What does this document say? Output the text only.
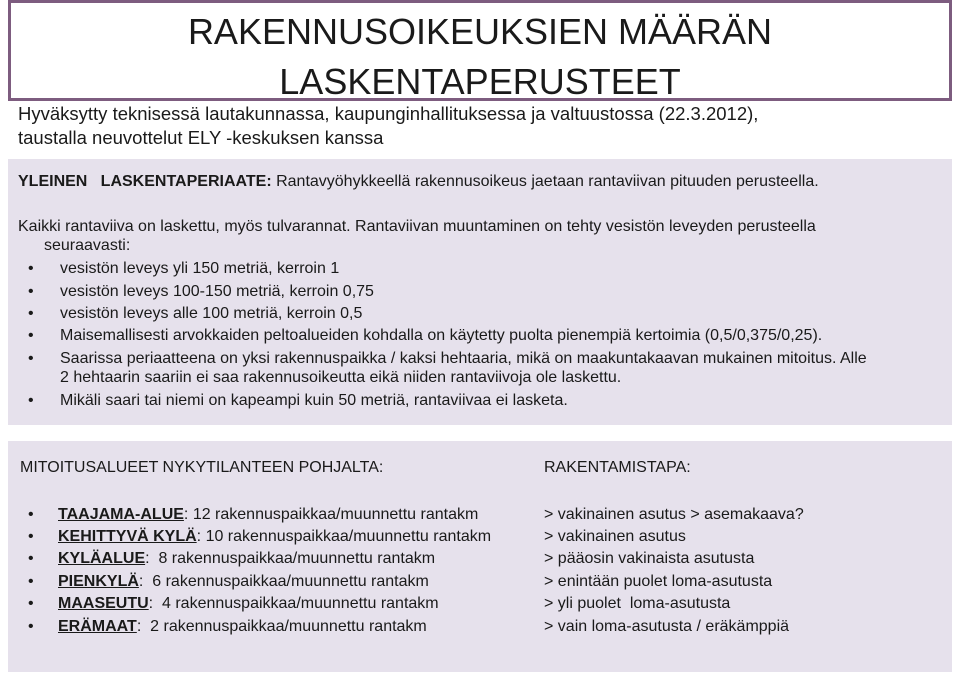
RAKENNUSOIKEUKSIEN MÄÄRÄN
LASKENTAPERUSTEET
Hyväksytty teknisessä lautakunnassa, kaupunginhallituksessa ja valtuustossa (22.3.2012),
taustalla neuvottelut ELY -keskuksen kanssa
YLEINEN   LASKENTAPERIAATE: Rantavyöhykkeellä rakennusoikeus jaetaan rantaviivan pituuden perusteella.
Kaikki rantaviiva on laskettu, myös tulvarannat. Rantaviivan muuntaminen on tehty vesistön leveyden perusteella
seuraavasti:
• vesistön leveys yli 150 metriä, kerroin 1
• vesistön leveys 100-150 metriä, kerroin 0,75
• vesistön leveys alle 100 metriä, kerroin 0,5
• Maisemallisesti arvokkaiden peltoalueiden kohdalla on käytetty puolta pienempiä kertoimia (0,5/0,375/0,25).
• Saarissa periaatteena on yksi rakennuspaikka / kaksi hehtaaria, mikä on maakuntakaavan mukainen mitoitus. Alle
2 hehtaarin saariin ei saa rakennusoikeutta eikä niiden rantaviivoja ole laskettu.
• Mikäli saari tai niemi on kapeampi kuin 50 metriä, rantaviivaa ei lasketa.
MITOITUSALUEET NYKYTILANTEEN POHJALTA:	RAKENTAMISTAPA:
• TAAJAMA-ALUE: 12 rakennuspaikkaa/muunnettu rantakm	> vakinainen asutus > asemakaava?
• KEHITTYVÄ KYLÄ: 10 rakennuspaikkaa/muunnettu rantakm	> vakinainen asutus
• KYLÄALUE:  8 rakennuspaikkaa/muunnettu rantakm	> pääosin vakinaista asutusta
• PIENKYLÄ:  6 rakennuspaikkaa/muunnettu rantakm	> enintään puolet loma-asutusta
• MAASEUTU:  4 rakennuspaikkaa/muunnettu rantakm	> yli puolet  loma-asutusta
• ERÄMAAT:  2 rakennuspaikkaa/muunnettu rantakm	> vain loma-asutusta / eräkämppiä
